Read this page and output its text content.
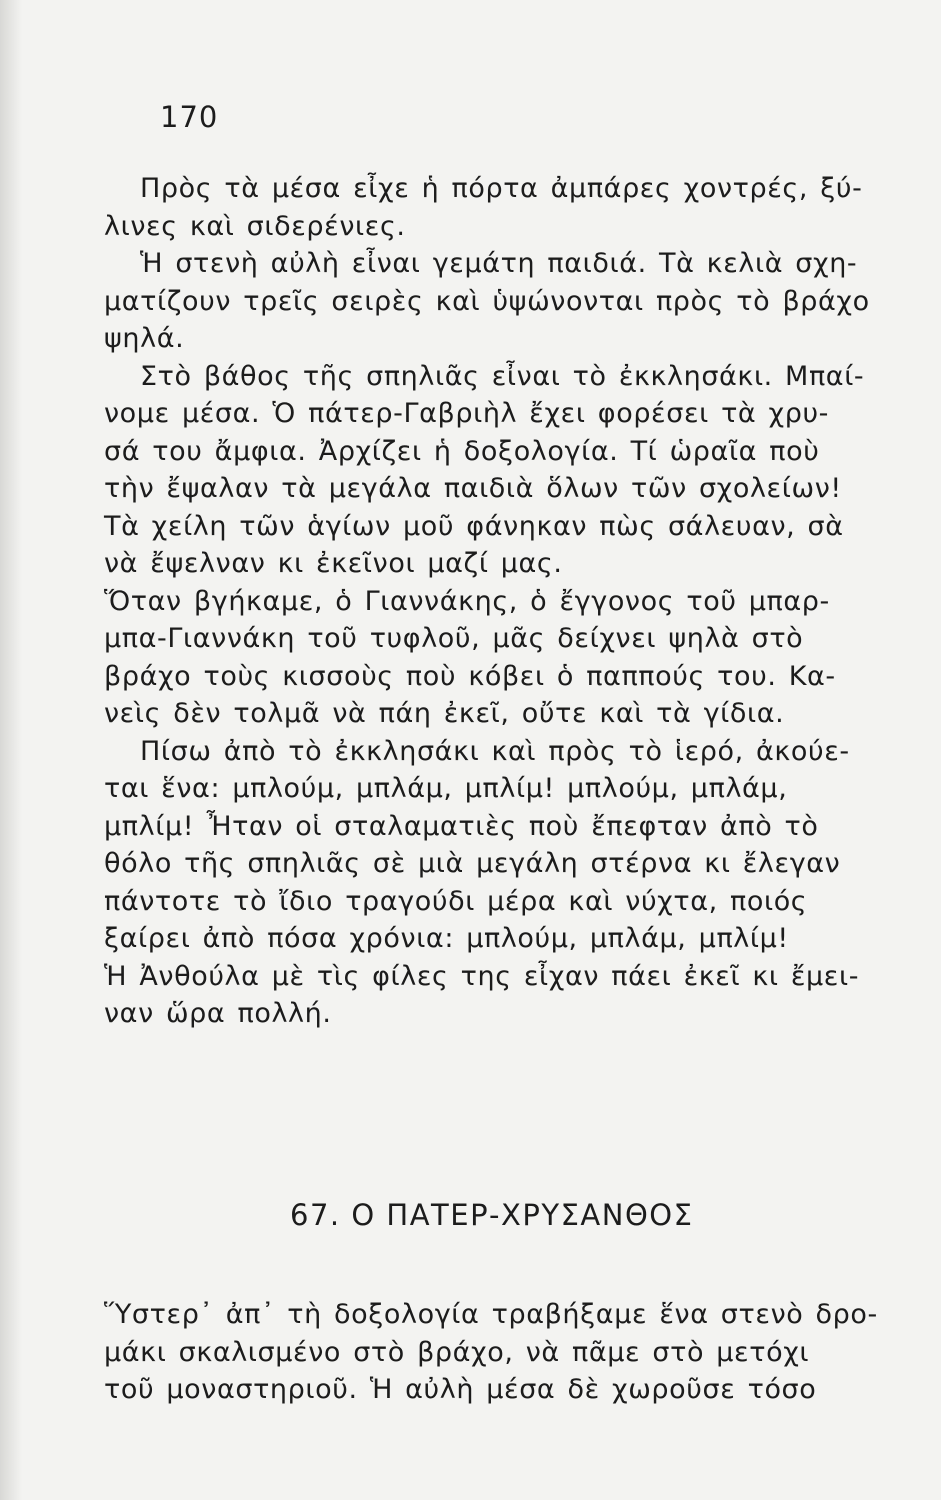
170
Πρὸς τὰ μέσα εἶχε ἡ πόρτα ἀμπάρες χοντρές, ξύ-
λινες καὶ σιδερένιες.
Ἡ στενὴ αὐλὴ εἶναι γεμάτη παιδιά. Τὰ κελιὰ σχη-
ματίζουν τρεῖς σειρὲς καὶ ὑψώνονται πρὸς τὸ βράχο
ψηλά.
Στὸ βάθος τῆς σπηλιᾶς εἶναι τὸ ἐκκλησάκι. Μπαί-
νομε μέσα. Ὁ πάτερ-Γαβριὴλ ἔχει φορέσει τὰ χρυ-
σά του ἄμφια. Ἀρχίζει ἡ δοξολογία. Τί ὡραῖα ποὺ
τὴν ἔψαλαν τὰ μεγάλα παιδιὰ ὅλων τῶν σχολείων!
Τὰ χείλη τῶν ἁγίων μοῦ φάνηκαν πὼς σάλευαν, σὰ
νὰ ἔψελναν κι ἐκεῖνοι μαζί μας.
Ὅταν βγήκαμε, ὁ Γιαννάκης, ὁ ἔγγονος τοῦ μπαρ-
μπα-Γιαννάκη τοῦ τυφλοῦ, μᾶς δείχνει ψηλὰ στὸ
βράχο τοὺς κισσοὺς ποὺ κόβει ὁ παππούς του. Κα-
νεὶς δὲν τολμᾶ νὰ πάη ἐκεῖ, οὔτε καὶ τὰ γίδια.
Πίσω ἀπὸ τὸ ἐκκλησάκι καὶ πρὸς τὸ ἱερό, ἀκούε-
ται ἕνα: μπλούμ, μπλάμ, μπλίμ! μπλούμ, μπλάμ,
μπλίμ! Ἦταν οἱ σταλαματιὲς ποὺ ἔπεφταν ἀπὸ τὸ
θόλο τῆς σπηλιᾶς σὲ μιὰ μεγάλη στέρνα κι ἔλεγαν
πάντοτε τὸ ἴδιο τραγούδι μέρα καὶ νύχτα, ποιός
ξαίρει ἀπὸ πόσα χρόνια: μπλούμ, μπλάμ, μπλίμ!
Ἡ Ἀνθούλα μὲ τὶς φίλες της εἶχαν πάει ἐκεῖ κι ἔμει-
ναν ὥρα πολλή.
67. Ο ΠΑΤΕΡ-ΧΡΥΣΑΝΘΟΣ
Ὕστερ᾿ ἀπ᾿ τὴ δοξολογία τραβήξαμε ἕνα στενὸ δρο-
μάκι σκαλισμένο στὸ βράχο, νὰ πᾶμε στὸ μετόχι
τοῦ μοναστηριοῦ. Ἡ αὐλὴ μέσα δὲ χωροῦσε τόσο
